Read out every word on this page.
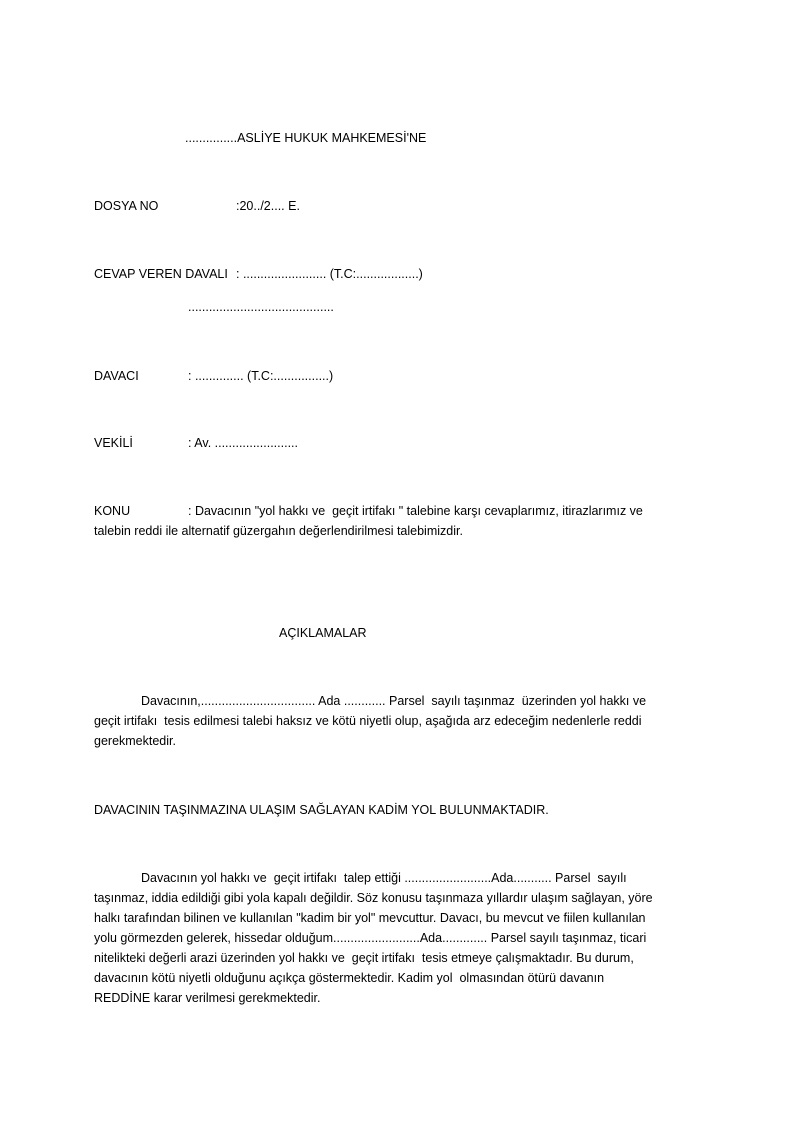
...............ASLİYE HUKUK MAHKEMESİ'NE
DOSYA NO	:20../2.... E.
CEVAP VEREN DAVALI : ........................ (T.C:..................)
..........................................
DAVACI	: .............. (T.C:................)
VEKİLİ	: Av. ........................
KONU	: Davacının "yol hakkı ve  geçit irtifakı " talebine karşı cevaplarımız, itirazlarımız ve
talebin reddi ile alternatif güzergahın değerlendirilmesi talebimizdir.
AÇIKLAMALAR
Davacının,................................. Ada ............ Parsel  sayılı taşınmaz  üzerinden yol hakkı ve
geçit irtifakı  tesis edilmesi talebi haksız ve kötü niyetli olup, aşağıda arz edeceğim nedenlerle reddi
gerekmektedir.
DAVACININ TAŞINMAZINA ULAŞIM SAĞLAYAN KADİM YOL BULUNMAKTADIR.
Davacının yol hakkı ve  geçit irtifakı  talep ettiği .........................Ada........... Parsel  sayılı
taşınmaz, iddia edildiği gibi yola kapalı değildir. Söz konusu taşınmaza yıllardır ulaşım sağlayan, yöre
halkı tarafından bilinen ve kullanılan "kadim bir yol" mevcuttur. Davacı, bu mevcut ve fiilen kullanılan
yolu görmezden gelerek, hissedar olduğum.........................Ada............. Parsel sayılı taşınmaz, ticari
nitelikteki değerli arazi üzerinden yol hakkı ve  geçit irtifakı  tesis etmeye çalışmaktadır. Bu durum,
davacının kötü niyetli olduğunu açıkça göstermektedir. Kadim yol  olmasından ötürü davanın
REDDİNE karar verilmesi gerekmektedir.
